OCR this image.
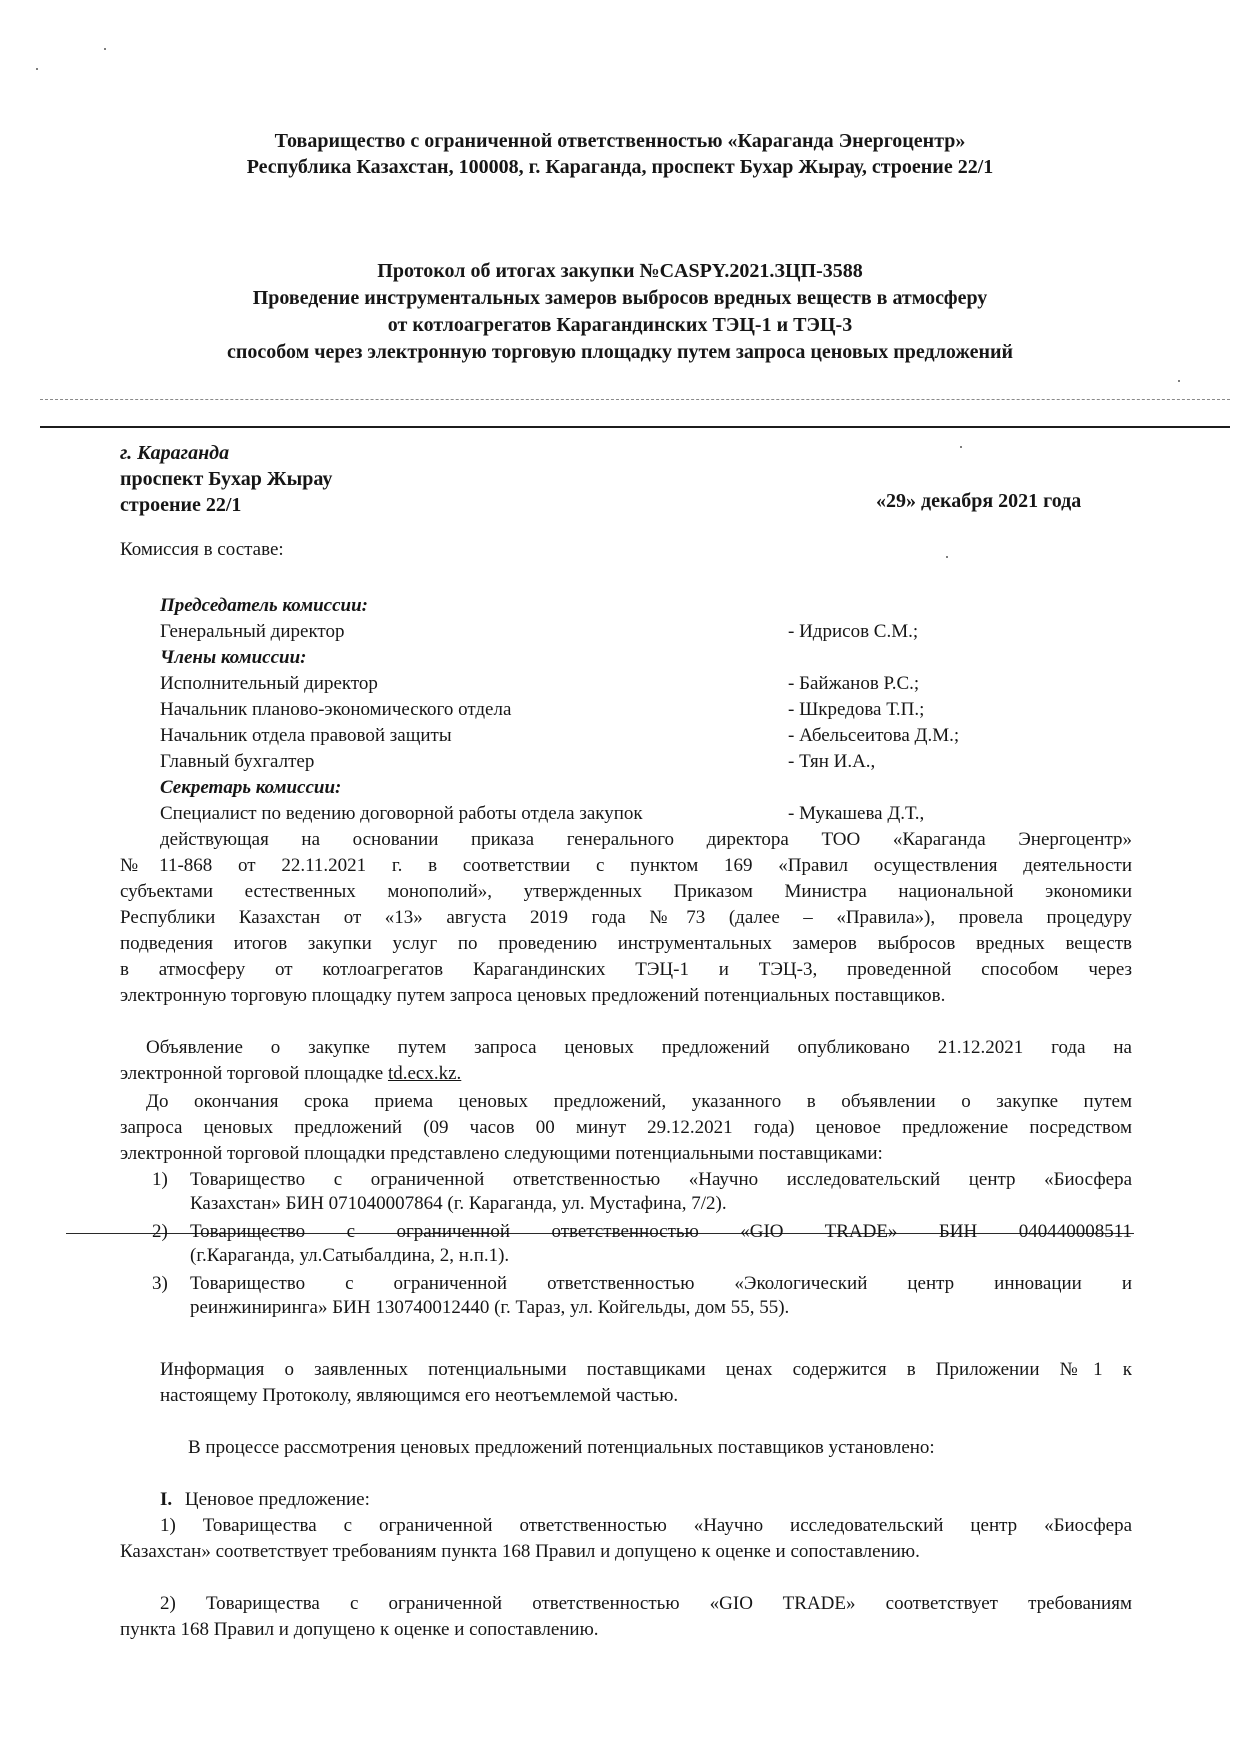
Товарищество с ограниченной ответственностью «Караганда Энергоцентр»
Республика Казахстан, 100008, г. Караганда, проспект Бухар Жырау, строение 22/1
Протокол об итогах закупки №CASPY.2021.ЗЦП-3588
Проведение инструментальных замеров выбросов вредных веществ в атмосферу
от котлоагрегатов Карагандинских ТЭЦ-1 и ТЭЦ-3
способом через электронную торговую площадку путем запроса ценовых предложений
г. Караганда
проспект Бухар Жырау
строение 22/1	«29» декабря 2021 года
Комиссия в составе:
Председатель комиссии:
Генеральный директор	- Идрисов С.М.;
Члены комиссии:
Исполнительный директор	- Байжанов Р.С.;
Начальник планово-экономического отдела	- Шкредова Т.П.;
Начальник отдела правовой защиты	- Абельсеитова Д.М.;
Главный бухгалтер	- Тян И.А.,
Секретарь комиссии:
Специалист по ведению договорной работы отдела закупок	- Мукашева Д.Т.,
действующая на основании приказа генерального директора ТОО «Караганда Энергоцентр»
№11-868 от 22.11.2021 г. в соответствии с пунктом 169 «Правил осуществления деятельности
субъектами естественных монополий», утвержденных Приказом Министра национальной экономики
Республики Казахстан от «13» августа 2019 года №73 (далее – «Правила»), провела процедуру
подведения итогов закупки услуг по проведению инструментальных замеров выбросов вредных веществ
в атмосферу от котлоагрегатов Карагандинских ТЭЦ-1 и ТЭЦ-3, проведенной способом через
электронную торговую площадку путем запроса ценовых предложений потенциальных поставщиков.
Объявление о закупке путем запроса ценовых предложений опубликовано 21.12.2021 года на
электронной торговой площадке td.ecx.kz.
До окончания срока приема ценовых предложений, указанного в объявлении о закупке путем
запроса ценовых предложений (09 часов 00 минут 29.12.2021 года) ценовое предложение посредством
электронной торговой площадки представлено следующими потенциальными поставщиками:
1) Товарищество с ограниченной ответственностью «Научно исследовательский центр «Биосфера
Казахстан» БИН 071040007864 (г. Караганда, ул. Мустафина, 7/2).
2) Товарищество с ограниченной ответственностью «GIO TRADE» БИН 040440008511
(г.Караганда, ул.Сатыбалдина, 2, н.п.1).
3) Товарищество с ограниченной ответственностью «Экологический центр инновации и
реинжиниринга» БИН 130740012440 (г. Тараз, ул. Койгельды, дом 55, 55).
Информация о заявленных потенциальными поставщиками ценах содержится в Приложении №1 к
настоящему Протоколу, являющимся его неотъемлемой частью.
В процессе рассмотрения ценовых предложений потенциальных поставщиков установлено:
I. Ценовое предложение:
1) Товарищества с ограниченной ответственностью «Научно исследовательский центр «Биосфера
Казахстан» соответствует требованиям пункта 168 Правил и допущено к оценке и сопоставлению.
2) Товарищества с ограниченной ответственностью «GIO TRADE» соответствует требованиям
пункта 168 Правил и допущено к оценке и сопоставлению.
